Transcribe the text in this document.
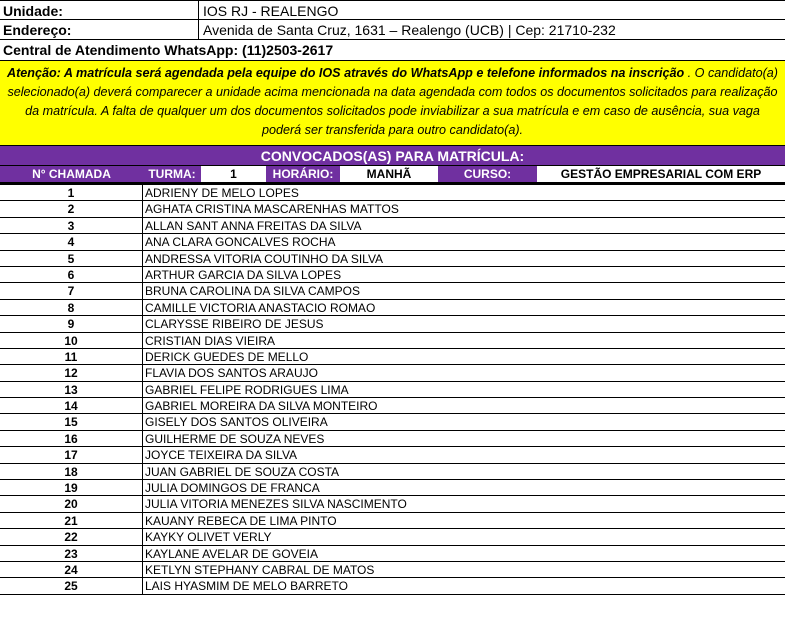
Unidade:	IOS RJ - REALENGO
Endereço:	Avenida de Santa Cruz, 1631 – Realengo (UCB) | Cep: 21710-232
Central de Atendimento WhatsApp: (11)2503-2617
Atenção: A matrícula será agendada pela equipe do IOS através do WhatsApp e telefone informados na inscrição . O candidato(a) selecionado(a) deverá comparecer a unidade acima mencionada na data agendada com todos os documentos solicitados para realização da matrícula. A falta de qualquer um dos documentos solicitados pode inviabilizar a sua matrícula e em caso de ausência, sua vaga poderá ser transferida para outro candidato(a).
CONVOCADOS(AS) PARA MATRÍCULA:
N° CHAMADA	TURMA:	1	HORÁRIO:	MANHÃ	CURSO:	GESTÃO EMPRESARIAL COM ERP
1	ADRIENY DE MELO LOPES
2	AGHATA CRISTINA MASCARENHAS MATTOS
3	ALLAN SANT ANNA FREITAS DA SILVA
4	ANA CLARA GONCALVES ROCHA
5	ANDRESSA VITORIA COUTINHO DA SILVA
6	ARTHUR GARCIA DA SILVA LOPES
7	BRUNA CAROLINA DA SILVA CAMPOS
8	CAMILLE VICTORIA ANASTACIO ROMAO
9	CLARYSSE RIBEIRO DE JESUS
10	CRISTIAN DIAS VIEIRA
11	DERICK GUEDES DE MELLO
12	FLAVIA DOS SANTOS ARAUJO
13	GABRIEL FELIPE RODRIGUES LIMA
14	GABRIEL MOREIRA DA SILVA MONTEIRO
15	GISELY DOS SANTOS OLIVEIRA
16	GUILHERME DE SOUZA NEVES
17	JOYCE TEIXEIRA DA SILVA
18	JUAN GABRIEL DE SOUZA COSTA
19	JULIA DOMINGOS DE FRANCA
20	JULIA VITORIA MENEZES SILVA NASCIMENTO
21	KAUANY REBECA DE LIMA PINTO
22	KAYKY OLIVET VERLY
23	KAYLANE AVELAR DE GOVEIA
24	KETLYN STEPHANY CABRAL DE MATOS
25	LAIS HYASMIM DE MELO BARRETO
